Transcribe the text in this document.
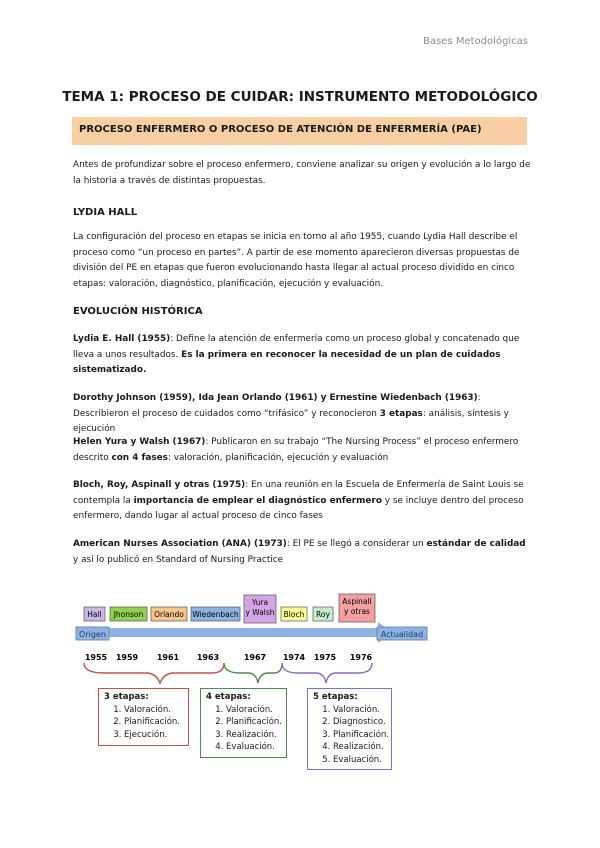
Bases Metodológicas
TEMA 1: PROCESO DE CUIDAR: INSTRUMENTO METODOLÓGICO
PROCESO ENFERMERO O PROCESO DE ATENCIÓN DE ENFERMERÍA (PAE)
Antes de profundizar sobre el proceso enfermero, conviene analizar su origen y evolución a lo largo de la historia a través de distintas propuestas.
LYDIA HALL
La configuración del proceso en etapas se inicia en torno al año 1955, cuando Lydia Hall describe el proceso como “un proceso en partes”. A partir de ese momento aparecieron diversas propuestas de división del PE en etapas que fueron evolucionando hasta llegar al actual proceso dividido en cinco etapas: valoración, diagnóstico, planificación, ejecución y evaluación.
EVOLUCIÓN HISTÓRICA
Lydia E. Hall (1955): Define la atención de enfermería como un proceso global y concatenado que lleva a unos resultados. Es la primera en reconocer la necesidad de un plan de cuidados sistematizado.
Dorothy Johnson (1959), Ida Jean Orlando (1961) y Ernestine Wiedenbach (1963): Describieron el proceso de cuidados como “trifásico” y reconocieron 3 etapas: análisis, síntesis y ejecución
Helen Yura y Walsh (1967): Publicaron en su trabajo “The Nursing Process” el proceso enfermero descrito con 4 fases: valoración, planificación, ejecución y evaluación
Bloch, Roy, Aspinall y otras (1975): En una reunión en la Escuela de Enfermería de Saint Louis se contempla la importancia de emplear el diagnóstico enfermero y se incluye dentro del proceso enfermero, dando lugar al actual proceso de cinco fases
American Nurses Association (ANA) (1973): El PE se llegó a considerar un estándar de calidad y así lo publicó en Standard of Nursing Practice
Origen	Actualidad
Hall Jhonson Orlando Wiedenbach
Yura y Walsh Bloch Roy
Aspinall y otras
1955 1959 1961 1963	1967 1974 1975 1976
3 etapas:
1. Valoración.
2. Planificación.
3. Ejecución.
4 etapas:
1. Valoración.
2. Planificación.
3. Realización.
4. Evaluación.
5 etapas:
1. Valoración.
2. Diagnostico.
3. Planificación.
4. Realización.
5. Evaluación.
